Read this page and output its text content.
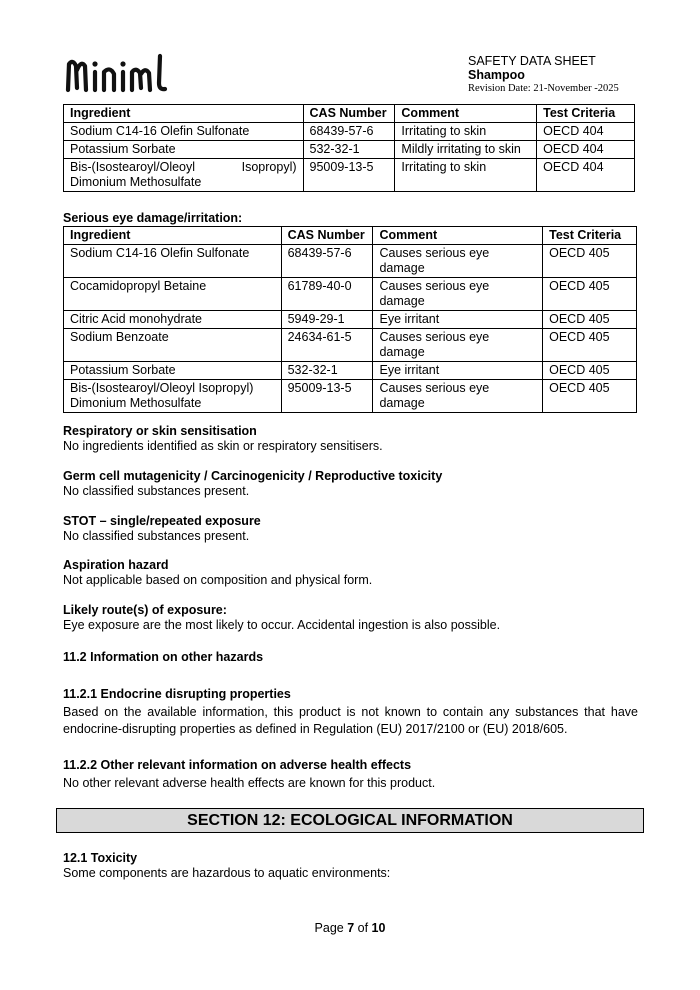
SAFETY DATA SHEET
Shampoo
Revision Date: 21-November -2025
Ingredient	CAS Number	Comment	Test Criteria
Sodium C14-16 Olefin Sulfonate	68439-57-6	Irritating to skin	OECD 404
Potassium Sorbate	532-32-1	Mildly irritating to skin	OECD 404

Bis-(Isostearoyl/Oleoyl Isopropyl)
Dimonium Methosulfate	95009-13-5	Irritating to skin	OECD 404
Serious eye damage/irritation:
Ingredient	CAS Number	Comment	Test Criteria
Sodium C14-16 Olefin Sulfonate	68439-57-6	Causes serious eye damage	OECD 405
Cocamidopropyl Betaine	61789-40-0	Causes serious eye damage	OECD 405
Citric Acid monohydrate	5949-29-1	Eye irritant	OECD 405
Sodium Benzoate	24634-61-5	Causes serious eye damage	OECD 405
Potassium Sorbate	532-32-1	Eye irritant	OECD 405
Bis-(Isostearoyl/Oleoyl Isopropyl) Dimonium Methosulfate	95009-13-5	Causes serious eye damage	OECD 405
Respiratory or skin sensitisation
No ingredients identified as skin or respiratory sensitisers.
Germ cell mutagenicity / Carcinogenicity / Reproductive toxicity
No classified substances present.
STOT – single/repeated exposure
No classified substances present.
Aspiration hazard
Not applicable based on composition and physical form.
Likely route(s) of exposure:
Eye exposure are the most likely to occur. Accidental ingestion is also possible.
11.2 Information on other hazards
11.2.1 Endocrine disrupting properties
Based on the available information, this product is not known to contain any substances that have endocrine-disrupting properties as defined in Regulation (EU) 2017/2100 or (EU) 2018/605.
11.2.2 Other relevant information on adverse health effects
No other relevant adverse health effects are known for this product.
SECTION 12: ECOLOGICAL INFORMATION
12.1 Toxicity
Some components are hazardous to aquatic environments:
Page 7 of 10
